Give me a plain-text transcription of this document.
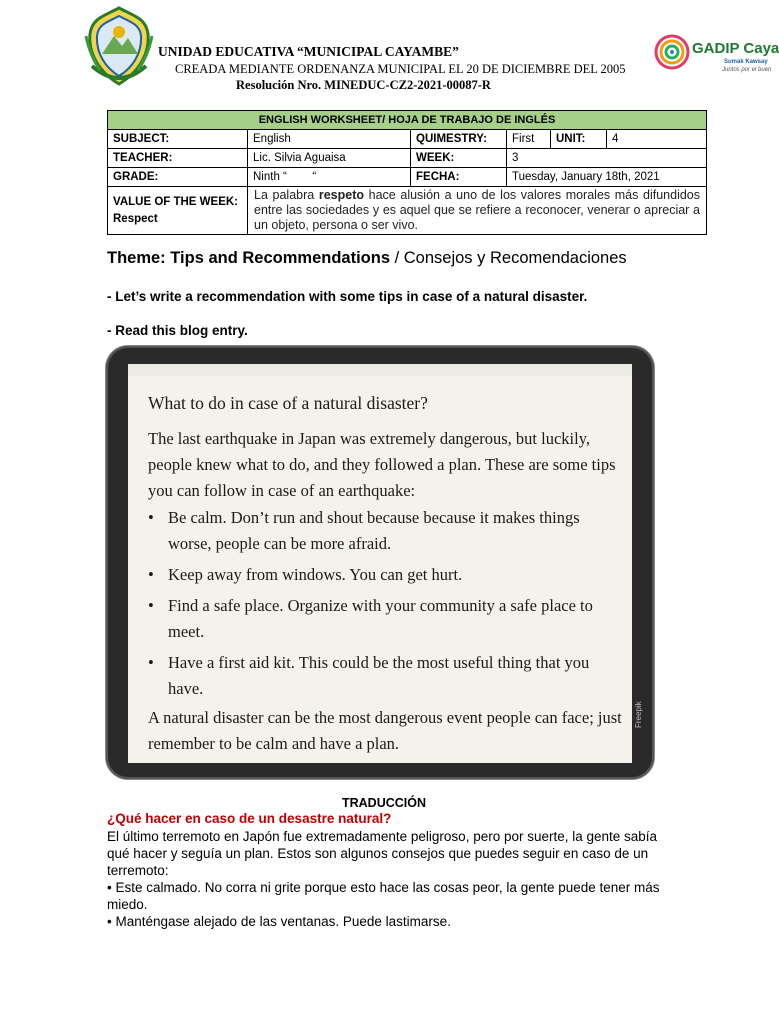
UNIDAD EDUCATIVA “MUNICIPAL CAYAMBE”
CREADA MEDIANTE ORDENANZA MUNICIPAL EL 20 DE DICIEMBRE DEL 2005
Resolución Nro. MINEDUC-CZ2-2021-00087-R
GADIP Caya
Sumak Kawsay
Juntos por el buen
ENGLISH WORKSHEET/ HOJA DE TRABAJO DE INGLÉS					
SUBJECT:	English	QUIMESTRY:	First	UNIT:	4
TEACHER:	Lic. Silvia Aguaisa	WEEK:	3		
GRADE:	Ninth “        “	FECHA:	Tuesday, January 18th, 2021		

VALUE OF THE WEEK:
Respect	La palabra respeto hace alusión a uno de los valores morales más difundidos entre las sociedades y es aquel que se refiere a reconocer, venerar o apreciar a un objeto, persona o ser vivo.				
Theme: Tips and Recommendations / Consejos y Recomendaciones
- Let’s write a recommendation with some tips in case of a natural disaster.
- Read this blog entry.
Freepik
What to do in case of a natural disaster?
The last earthquake in Japan was extremely dangerous, but luckily, people knew what to do, and they followed a plan. These are some tips you can follow in case of an earthquake:
• Be calm. Don’t run and shout because because it makes things worse, people can be more afraid.
• Keep away from windows. You can get hurt.
• Find a safe place. Organize with your community a safe place to meet.
• Have a first aid kit. This could be the most useful thing that you have.
A natural disaster can be the most dangerous event people can face; just remember to be calm and have a plan.
TRADUCCIÓN
¿Qué hacer en caso de un desastre natural?

El último terremoto en Japón fue extremadamente peligroso, pero por suerte, la gente sabía qué hacer y seguía un plan. Estos son algunos consejos que puedes seguir en caso de un terremoto:

• Este calmado. No corra ni grite porque esto hace las cosas peor, la gente puede tener más miedo.

• Manténgase alejado de las ventanas. Puede lastimarse.
